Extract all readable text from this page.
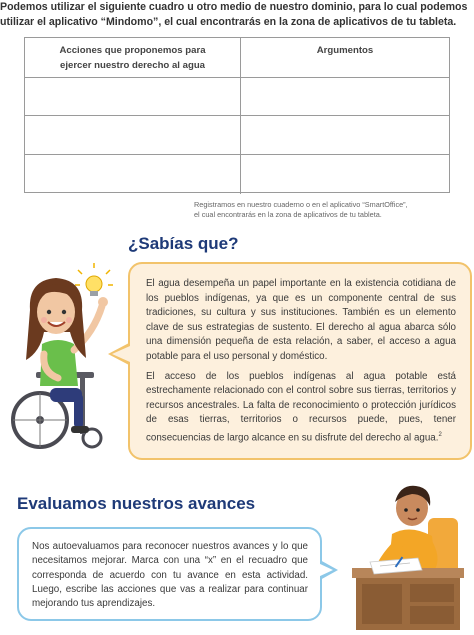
Podemos utilizar el siguiente cuadro u otro medio de nuestro dominio, para lo cual podemos
utilizar el aplicativo “Mindomo”, el cual encontrarás en la zona de aplicativos de tu tableta.
Acciones que proponemos para ejercer nuestro derecho al agua
Argumentos
Registramos en nuestro cuaderno o en el aplicativo “SmartOffice”,
el cual encontrarás en la zona de aplicativos de tu tableta.
¿Sabías que?

El agua desempeña un papel importante en la existencia cotidiana de los pueblos indígenas, ya que es un componente central de sus tradiciones, su cultura y sus instituciones. También es un elemento clave de sus estrategias de sustento. El derecho al agua abarca sólo una dimensión pequeña de esta relación, a saber, el acceso a agua potable para el uso personal y doméstico.

El acceso de los pueblos indígenas al agua potable está estrechamente relacionado con el control sobre sus tierras, territorios y recursos ancestrales. La falta de reconocimiento o protección jurídicos de esas tierras, territorios o recursos puede, pues, tener consecuencias de largo alcance en su disfrute del derecho al agua.$^2$

Evaluamos nuestros avances

Nos autoevaluamos para reconocer nuestros avances y lo que necesitamos mejorar. Marca con una “x” en el recuadro que corresponda de acuerdo con tu avance en esta actividad. Luego, escribe las acciones que vas a realizar para continuar mejorando tus aprendizajes.
